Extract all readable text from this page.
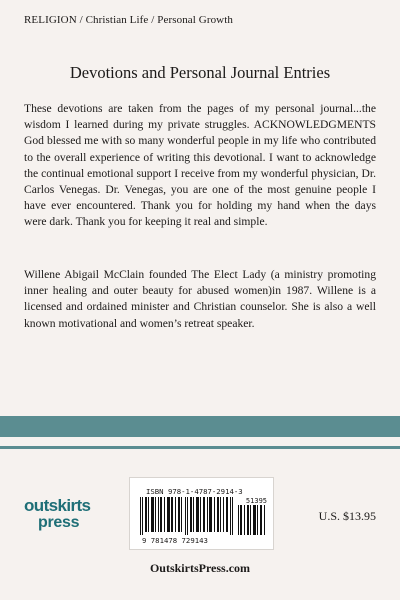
RELIGION / Christian Life / Personal Growth
Devotions and Personal Journal Entries
These devotions are taken from the pages of my personal journal...the wisdom I learned during my private struggles. ACKNOWLEDGMENTS God blessed me with so many wonderful people in my life who contributed to the overall experience of writing this devotional. I want to acknowledge the continual emotional support I receive from my wonderful physician, Dr. Carlos Venegas. Dr. Venegas, you are one of the most genuine people I have ever encountered. Thank you for holding my hand when the days were dark. Thank you for keeping it real and simple.
Willene Abigail McClain founded The Elect Lady (a ministry promoting inner healing and outer beauty for abused women)in 1987. Willene is a licensed and ordained minister and Christian counselor. She is also a well known motivational and women’s retreat speaker.
outskirts
press
ISBN 978-1-4787-2914-3
51395
9 781478 729143
U.S. $13.95
OutskirtsPress.com
